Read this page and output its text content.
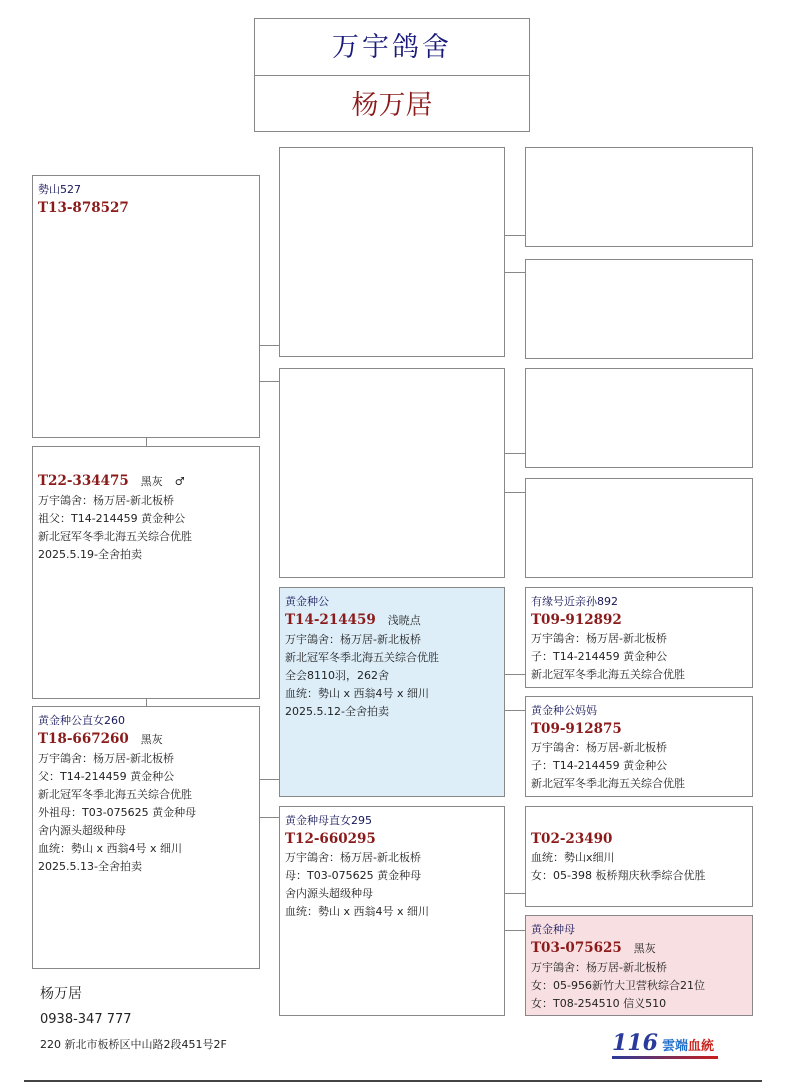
万宇鸽舍
杨万居
勢山527
T13-878527
T22-334475 黑灰 ♂
万宇鴿舍：杨万居-新北板桥
祖父：T14-214459 黄金种公
新北冠军冬季北海五关综合优胜
2025.5.19-全舍拍卖
黄金种公直女260
T18-667260 黑灰
万宇鴿舍：杨万居-新北板桥
父：T14-214459 黄金种公
新北冠军冬季北海五关综合优胜
外祖母：T03-075625 黄金种母
舍内源头超级种母
血统：勢山 x 西翁4号 x 细川
2025.5.13-全舍拍卖
黄金种公
T14-214459 浅暁点
万宇鴿舍：杨万居-新北板桥
新北冠军冬季北海五关综合优胜
全会8110羽，262舍
血统：勢山 x 西翁4号 x 细川
2025.5.12-全舍拍卖
黄金种母直女295
T12-660295
万宇鴿舍：杨万居-新北板桥
母：T03-075625 黄金种母
舍内源头超级种母
血统：勢山 x 西翁4号 x 细川
有缘号近亲孙892
T09-912892
万宇鴿舍：杨万居-新北板桥
子：T14-214459 黄金种公
新北冠军冬季北海五关综合优胜
黄金种公妈妈
T09-912875
万宇鴿舍：杨万居-新北板桥
子：T14-214459 黄金种公
新北冠军冬季北海五关综合优胜
T02-23490
血统：勢山x细川
女：05-398 板桥翔庆秋季综合优胜
黄金种母
T03-075625 黑灰
万宇鴿舍：杨万居-新北板桥
女：05-956新竹大卫营秋综合21位
女：T08-254510 信义510
杨万居
0938-347 777
220 新北市板桥区中山路2段451号2F	116 雲端血統
